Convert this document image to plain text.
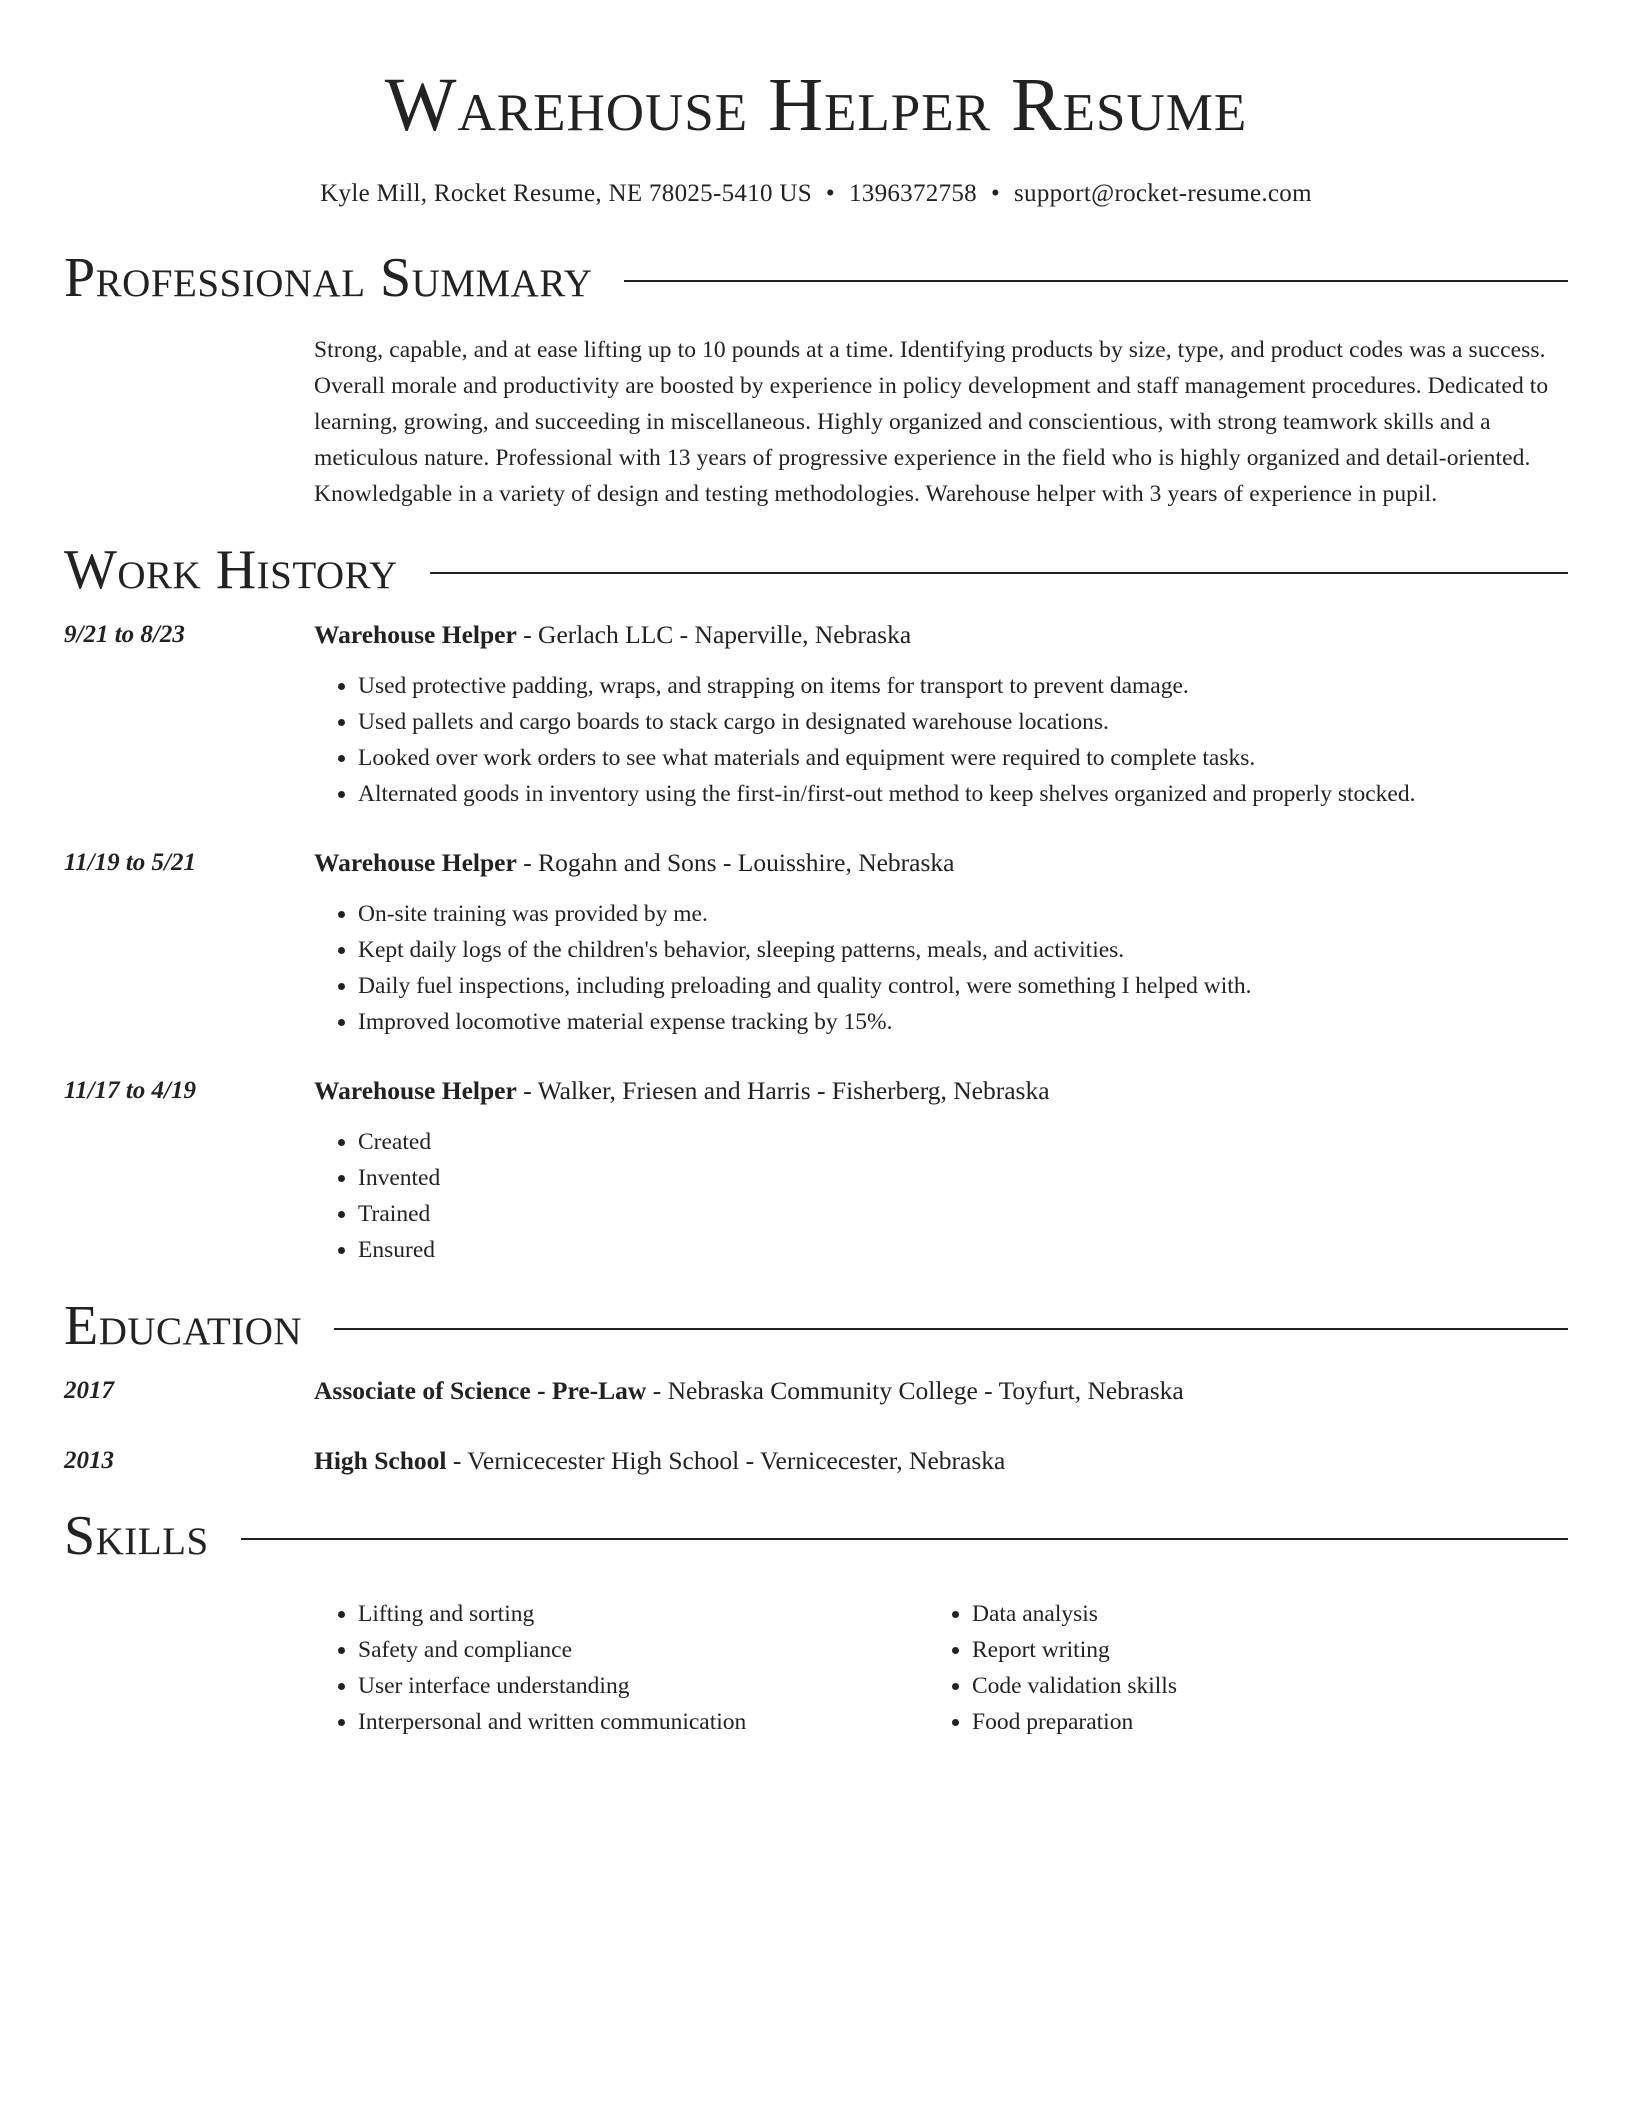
Warehouse Helper Resume
Kyle Mill, Rocket Resume, NE 78025-5410 US • 1396372758 • support@rocket-resume.com
Professional Summary
Strong, capable, and at ease lifting up to 10 pounds at a time. Identifying products by size, type, and product codes was a success. Overall morale and productivity are boosted by experience in policy development and staff management procedures. Dedicated to learning, growing, and succeeding in miscellaneous. Highly organized and conscientious, with strong teamwork skills and a meticulous nature. Professional with 13 years of progressive experience in the field who is highly organized and detail-oriented. Knowledgable in a variety of design and testing methodologies. Warehouse helper with 3 years of experience in pupil.
Work History
9/21 to 8/23	Warehouse Helper - Gerlach LLC - Naperville, Nebraska
• Used protective padding, wraps, and strapping on items for transport to prevent damage.
• Used pallets and cargo boards to stack cargo in designated warehouse locations.
• Looked over work orders to see what materials and equipment were required to complete tasks.
• Alternated goods in inventory using the first-in/first-out method to keep shelves organized and properly stocked.
11/19 to 5/21	Warehouse Helper - Rogahn and Sons - Louisshire, Nebraska
• On-site training was provided by me.
• Kept daily logs of the children's behavior, sleeping patterns, meals, and activities.
• Daily fuel inspections, including preloading and quality control, were something I helped with.
• Improved locomotive material expense tracking by 15%.
11/17 to 4/19	Warehouse Helper - Walker, Friesen and Harris - Fisherberg, Nebraska
• Created
• Invented
• Trained
• Ensured
Education
2017	Associate of Science - Pre-Law - Nebraska Community College - Toyfurt, Nebraska
2013	High School - Vernicecester High School - Vernicecester, Nebraska
Skills
• Lifting and sorting
• Safety and compliance
• User interface understanding
• Interpersonal and written communication
• Data analysis
• Report writing
• Code validation skills
• Food preparation
